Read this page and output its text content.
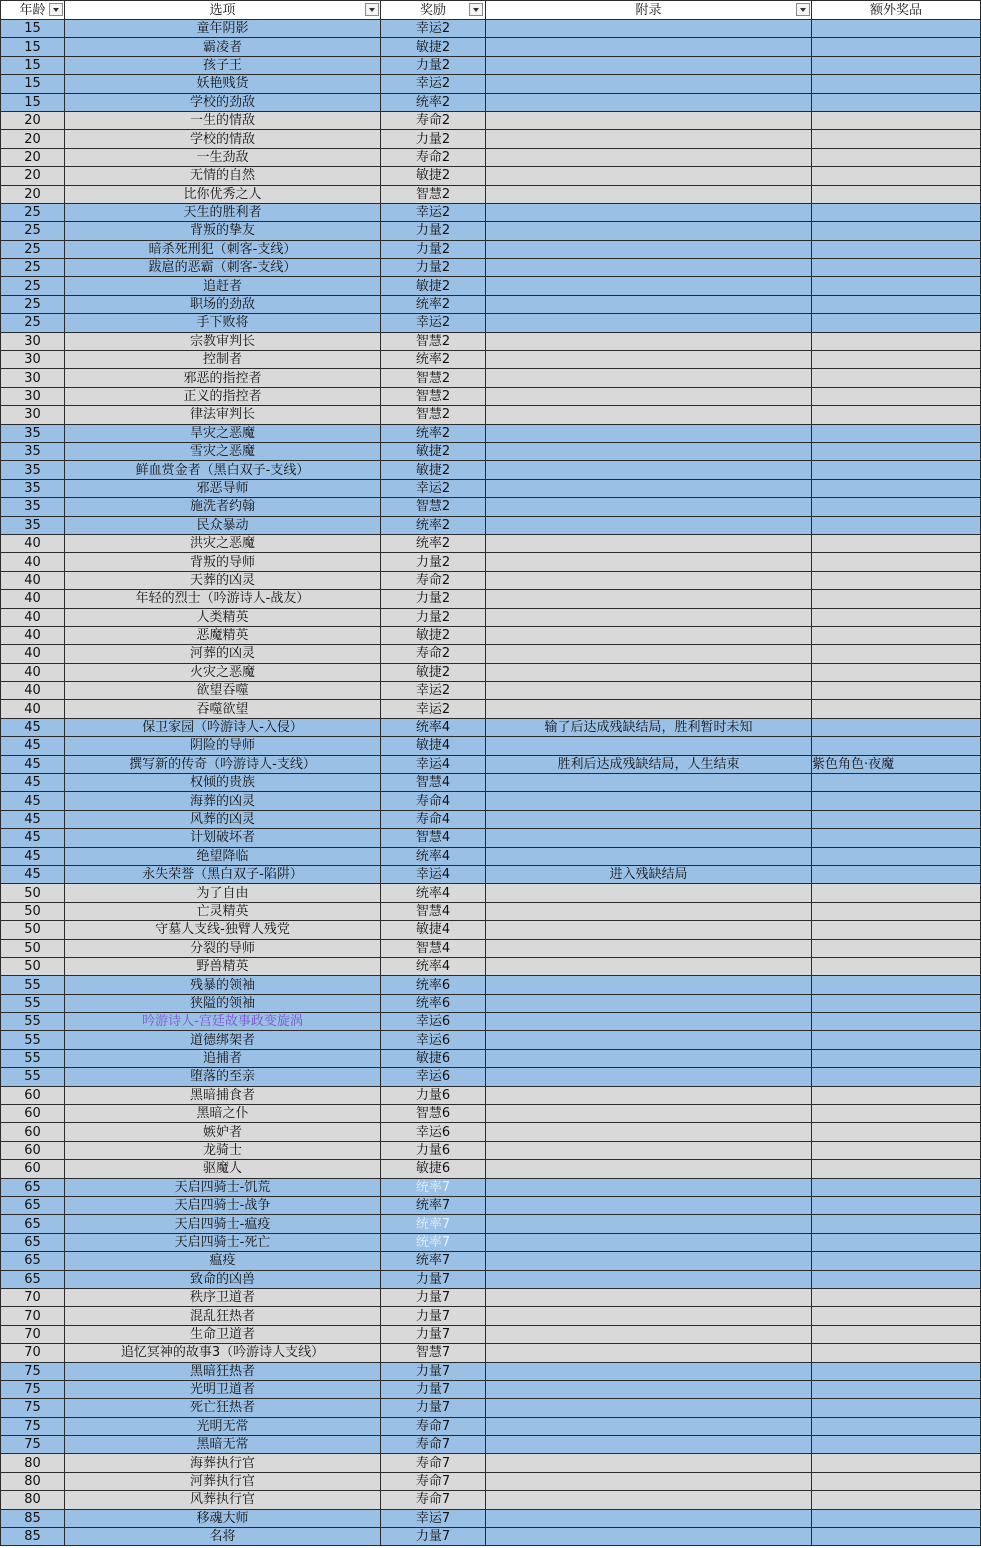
年龄	选项	奖励	附录	额外奖品
15	童年阴影	幸运2		
15	霸凌者	敏捷2		
15	孩子王	力量2		
15	妖艳贱货	幸运2		
15	学校的劲敌	统率2		
20	一生的情敌	寿命2		
20	学校的情敌	力量2		
20	一生劲敌	寿命2		
20	无情的自然	敏捷2		
20	比你优秀之人	智慧2		
25	天生的胜利者	幸运2		
25	背叛的挚友	力量2		
25	暗杀死刑犯（刺客-支线）	力量2		
25	跋扈的恶霸（刺客-支线）	力量2		
25	追赶者	敏捷2		
25	职场的劲敌	统率2		
25	手下败将	幸运2		
30	宗教审判长	智慧2		
30	控制者	统率2		
30	邪恶的指控者	智慧2		
30	正义的指控者	智慧2		
30	律法审判长	智慧2		
35	旱灾之恶魔	统率2		
35	雪灾之恶魔	敏捷2		
35	鲜血赏金者（黑白双子-支线）	敏捷2		
35	邪恶导师	幸运2		
35	施洗者约翰	智慧2		
35	民众暴动	统率2		
40	洪灾之恶魔	统率2		
40	背叛的导师	力量2		
40	天葬的凶灵	寿命2		
40	年轻的烈士（吟游诗人-战友）	力量2		
40	人类精英	力量2		
40	恶魔精英	敏捷2		
40	河葬的凶灵	寿命2		
40	火灾之恶魔	敏捷2		
40	欲望吞噬	幸运2		
40	吞噬欲望	幸运2		
45	保卫家园（吟游诗人-入侵）	统率4	输了后达成残缺结局，胜利暂时未知	
45	阴险的导师	敏捷4		
45	撰写新的传奇（吟游诗人-支线）	幸运4	胜利后达成残缺结局，人生结束	紫色角色·夜魔
45	权倾的贵族	智慧4		
45	海葬的凶灵	寿命4		
45	风葬的凶灵	寿命4		
45	计划破坏者	智慧4		
45	绝望降临	统率4		
45	永失荣誉（黑白双子-陷阱）	幸运4	进入残缺结局	
50	为了自由	统率4		
50	亡灵精英	智慧4		
50	守墓人支线-独臂人残党	敏捷4		
50	分裂的导师	智慧4		
50	野兽精英	统率4		
55	残暴的领袖	统率6		
55	狭隘的领袖	统率6		
55	吟游诗人-宫廷故事政变旋涡	幸运6		
55	道德绑架者	幸运6		
55	追捕者	敏捷6		
55	堕落的至亲	幸运6		
60	黑暗捕食者	力量6		
60	黑暗之仆	智慧6		
60	嫉妒者	幸运6		
60	龙骑士	力量6		
60	驱魔人	敏捷6		
65	天启四骑士-饥荒	统率7		
65	天启四骑士-战争	统率7		
65	天启四骑士-瘟疫	统率7		
65	天启四骑士-死亡	统率7		
65	瘟疫	统率7		
65	致命的凶兽	力量7		
70	秩序卫道者	力量7		
70	混乱狂热者	力量7		
70	生命卫道者	力量7		
70	追忆冥神的故事3（吟游诗人支线）	智慧7		
75	黑暗狂热者	力量7		
75	光明卫道者	力量7		
75	死亡狂热者	力量7		
75	光明无常	寿命7		
75	黑暗无常	寿命7		
80	海葬执行官	寿命7		
80	河葬执行官	寿命7		
80	风葬执行官	寿命7		
85	移魂大师	幸运7		
85	名将	力量7		
